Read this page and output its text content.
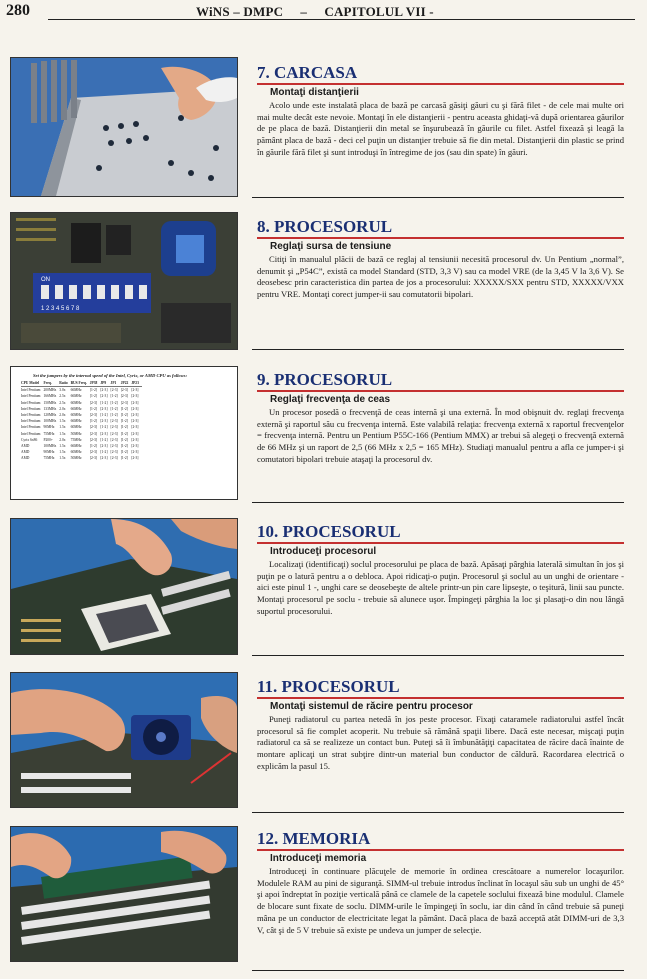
280	WiNS – DMPC     –     CAPITOLUL VII -
7. CARCASA
Montaţi distanţierii
Acolo unde este instalată placa de bază pe carcasă găsiţi găuri cu şi fără filet - de cele mai multe ori mai multe decât este nevoie. Montaţi în ele distanţierii - pentru aceasta ghidaţi-vă după orientarea găurilor de pe placa de bază. Distanţierii din metal se înşurubează în găurile cu filet. Astfel fixează şi leagă la pământ placa de bază - deci cel puţin un distanţier trebuie să fie din metal. Distanţierii din plastic se prind în găurile fără filet şi sunt introduşi în întregime de jos (sau din spate) în găuri.
ON
1 2 3 4 5 6 7 8
8. PROCESORUL
Reglaţi sursa de tensiune
Citiţi în manualul plăcii de bază ce reglaj al tensiunii necesită procesorul dv. Un Pentium „normal”, denumit şi „P54C”, există ca model Standard (STD, 3,3 V) sau ca model VRE (de la 3,45 V la 3,6 V). Se deosebesc prin caracteristica din partea de jos a procesorului: XXXXX/SXX pentru STD, XXXXX/VXX pentru VRE. Montaţi corect jumper-ii sau comutatorii bipolari.
Set the jumpers by the internal speed of the Intel, Cyrix, or AMD CPU as follows:
CPU Model	Freq.	Ratio	BUS Freq.	JP38	JP9	JP1	JP22	JP23
Intel Pentium	200MHz	3.0x	66MHz	[1-2]	[2-3]	[2-3]	[2-3]	[2-3]
Intel Pentium	166MHz	2.5x	66MHz	[1-2]	[2-3]	[1-2]	[2-3]	[2-3]
Intel Pentium	150MHz	2.5x	60MHz	[2-3]	[1-2]	[1-2]	[2-3]	[2-3]
Intel Pentium	133MHz	2.0x	66MHz	[1-2]	[2-3]	[1-2]	[1-2]	[2-3]
Intel Pentium	120MHz	2.0x	60MHz	[2-3]	[1-2]	[1-2]	[1-2]	[2-3]
Intel Pentium	100MHz	1.5x	66MHz	[1-2]	[2-3]	[2-3]	[1-2]	[2-3]
Intel Pentium	90MHz	1.5x	60MHz	[2-3]	[1-2]	[2-3]	[1-2]	[2-3]
Intel Pentium	75MHz	1.5x	50MHz	[2-3]	[2-3]	[2-3]	[1-2]	[2-3]

Cyrix 6x86	P200+	2.0x	75MHz	[2-3]	[1-2]	[2-3]	[1-2]	[2-3]

AMD	100MHz	1.5x	66MHz	[1-2]	[2-3]	[2-3]	[1-2]	[2-3]
AMD	90MHz	1.5x	60MHz	[2-3]	[1-2]	[2-3]	[1-2]	[2-3]
AMD	75MHz	1.5x	50MHz	[2-3]	[2-3]	[2-3]	[1-2]	[2-3]
9. PROCESORUL
Reglaţi frecvenţa de ceas
Un procesor posedă o frecvenţă de ceas internă şi una externă. În mod obişnuit dv. reglaţi frecvenţa externă şi raportul său cu frecvenţa internă. Este valabilă relaţia: frecvenţa externă x raportul frecvenţelor = frecvenţa internă. Pentru un Pentium P55C-166 (Pentium MMX) ar trebui să alegeţi o frecvenţă externă de 66 MHz şi un raport de 2,5 (66 MHz x 2,5 = 165 MHz). Studiaţi manualul pentru a afla ce jumper-i şi comutatori bipolari trebuie ataşaţi la procesorul dv.
10. PROCESORUL
Introduceţi procesorul
Localizaţi (identificaţi) soclul procesorului pe placa de bază. Apăsaţi pârghia laterală simultan în jos şi puţin pe o latură pentru a o debloca. Apoi ridicaţi-o puţin. Procesorul şi soclul au un unghi de orientare - aici este pinul 1 -, unghi care se deosebeşte de altele printr-un pin care lipseşte, o teşitură, linii sau puncte. Montaţi procesorul pe soclu - trebuie să alunece uşor. Împingeţi pârghia la loc şi plasaţi-o din nou lângă suportul procesorului.
11. PROCESORUL
Montaţi sistemul de răcire pentru procesor
Puneţi radiatorul cu partea netedă în jos peste procesor. Fixaţi cataramele radiatorului astfel încât procesorul să fie complet acoperit. Nu trebuie să rămână spaţii libere. Dacă este necesar, mişcaţi puţin radiatorul ca să se realizeze un contact bun. Puteţi să îi îmbunătăţiţi capacitatea de răcire dacă înainte de montare aplicaţi un strat subţire dintr-un material bun conductor de căldură. Racordarea electrică o explicăm la pasul 15.
12. MEMORIA
Introduceţi memoria
Introduceţi în continuare plăcuţele de memorie în ordinea crescătoare a numerelor locaşurilor. Modulele RAM au pini de siguranţă. SIMM-ul trebuie introdus înclinat în locaşul său sub un unghi de 45° şi apoi îndreptat în poziţie verticală până ce clamele de la capetele soclului fixează bine modulul. Clamele de blocare sunt fixate de soclu. DIMM-urile le împingeţi în soclu, iar din când în când trebuie să puneţi mâna pe un conductor de electricitate legat la pământ. Dacă placa de bază acceptă atât DIMM-uri de 3,3 V, cât şi de 5 V trebuie să existe pe undeva un jumper de selecţie.
